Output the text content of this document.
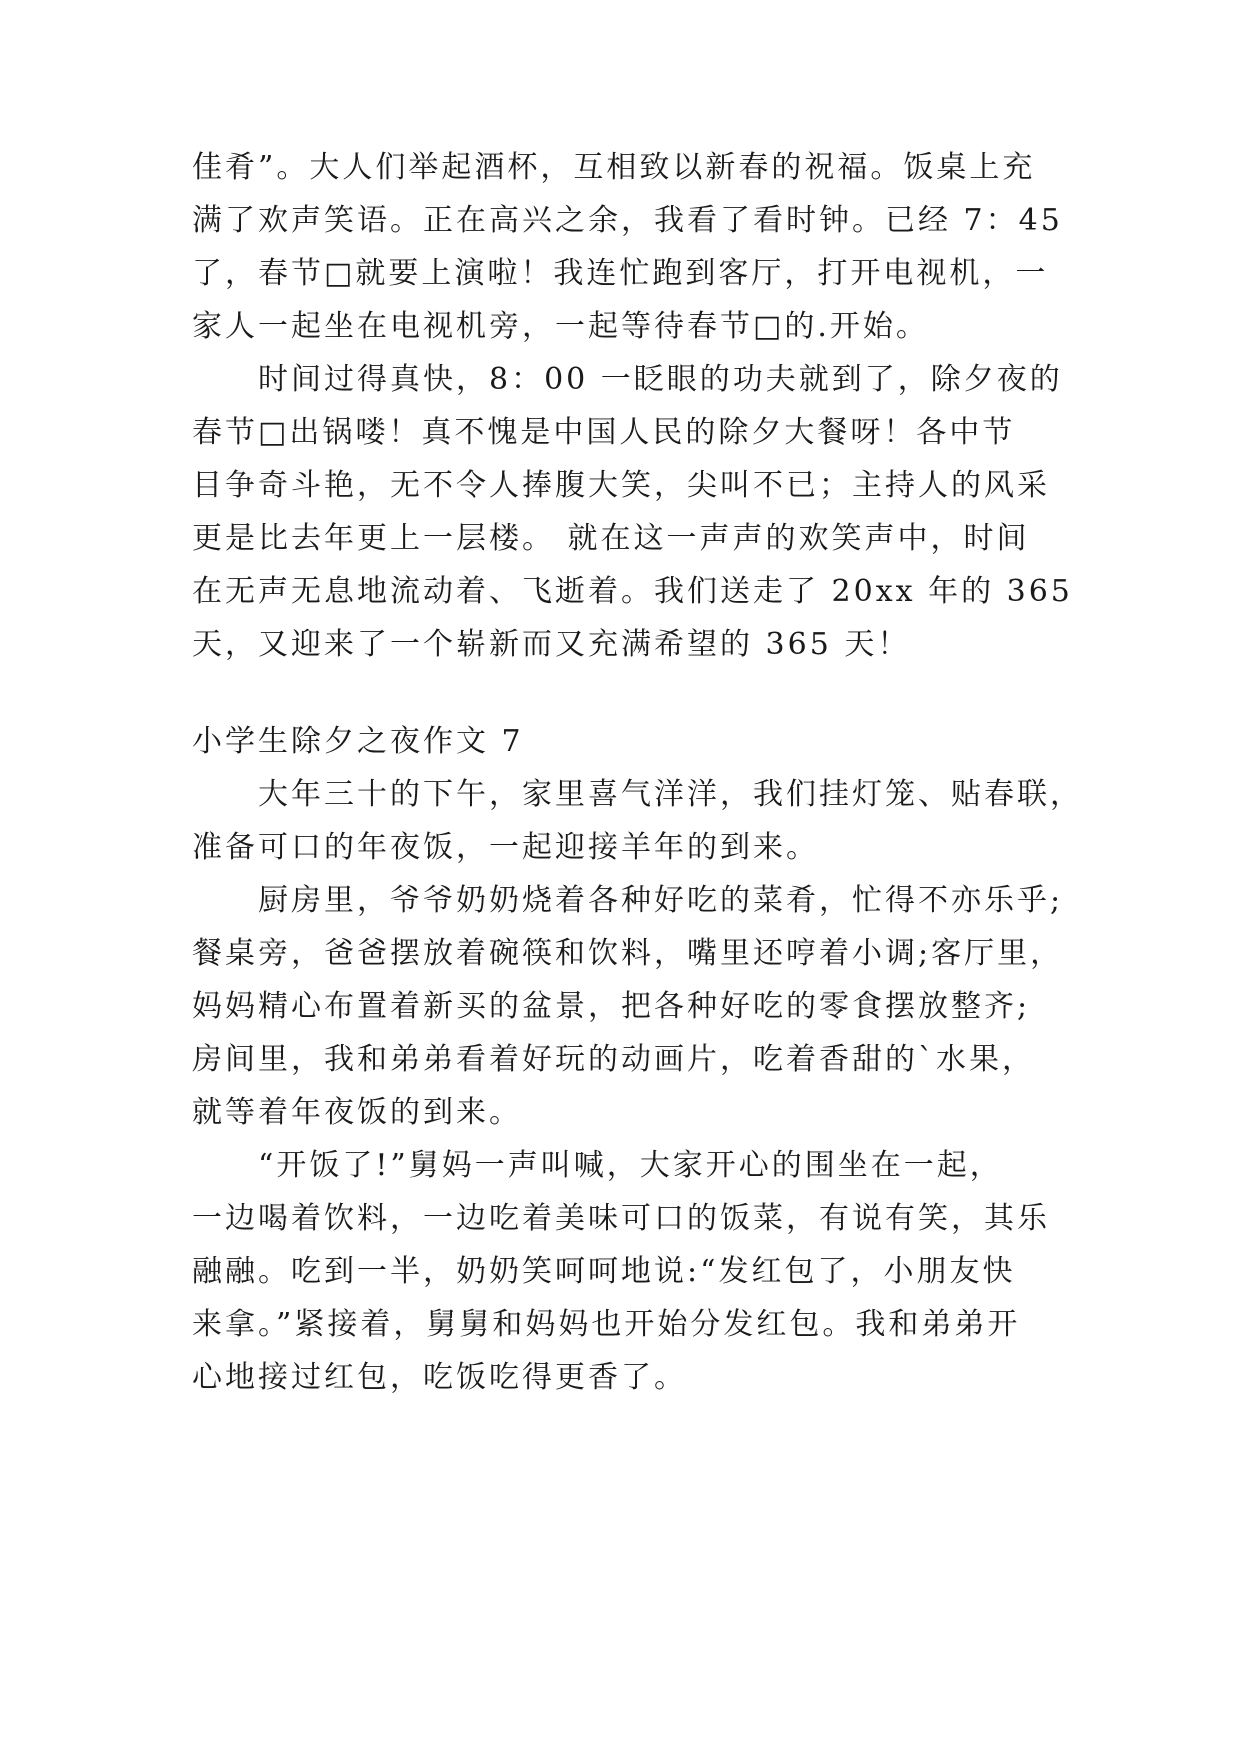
佳肴”。大人们举起酒杯，互相致以新春的祝福。饭桌上充
满了欢声笑语。正在高兴之余，我看了看时钟。已经 7：45
了，春节□就要上演啦！我连忙跑到客厅，打开电视机，一
家人一起坐在电视机旁，一起等待春节□的.开始。
时间过得真快，8：00 一眨眼的功夫就到了，除夕夜的
春节□出锅喽！真不愧是中国人民的除夕大餐呀！各中节
目争奇斗艳，无不令人捧腹大笑，尖叫不已；主持人的风采
更是比去年更上一层楼。 就在这一声声的欢笑声中，时间
在无声无息地流动着、飞逝着。我们送走了 20xx 年的 365
天，又迎来了一个崭新而又充满希望的 365 天！
小学生除夕之夜作文 7
大年三十的下午，家里喜气洋洋，我们挂灯笼、贴春联，
准备可口的年夜饭，一起迎接羊年的到来。
厨房里，爷爷奶奶烧着各种好吃的菜肴，忙得不亦乐乎;
餐桌旁，爸爸摆放着碗筷和饮料，嘴里还哼着小调;客厅里，
妈妈精心布置着新买的盆景，把各种好吃的零食摆放整齐;
房间里，我和弟弟看着好玩的动画片，吃着香甜的`水果，
就等着年夜饭的到来。
“开饭了!”舅妈一声叫喊，大家开心的围坐在一起，
一边喝着饮料，一边吃着美味可口的饭菜，有说有笑，其乐
融融。吃到一半，奶奶笑呵呵地说:“发红包了，小朋友快
来拿。”紧接着，舅舅和妈妈也开始分发红包。我和弟弟开
心地接过红包，吃饭吃得更香了。
